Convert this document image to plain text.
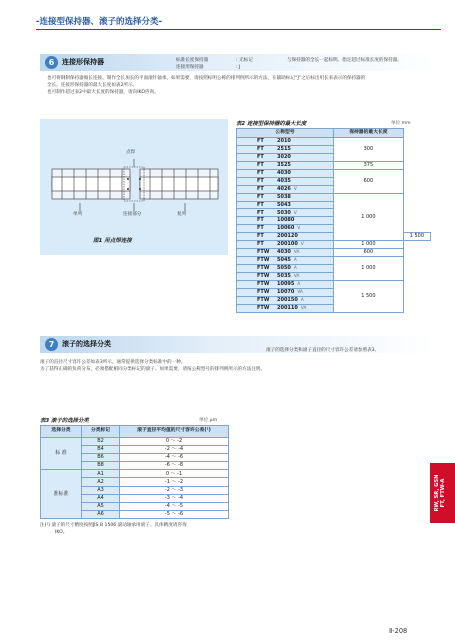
-连接型保持器、滚子的选择分类-
6	连接形保持器	标准长度保持器	: 无标记	与保持器的全长一起标明。指定超过标准长度的保持器。
连接形保持器	: J
也可将钢制保持器做长连接。制作全长加长的平面滚针轴承，如果需要，请按照标明公称的排列例所示的方法，在辅助标记“J”之后标出用长来表示的保持器的
全长。连接形保持器的最大长度如表2所示。
也可制作超过表2中最大长度的保持器，请向IKO咨询。
点焊
单列	连接部分	复列
图1 用点焊连接
表2 连接型保持器的最大长度	单位 mm
公称型号	保持器的最大长度	
FT 2010	300	
FT 2515		
FT 3020		
FT 3525	375	
FT 4030	600	
FT 4035		
FT 4026 V		
FT 5038	1 000	
FT 5043		
FT 5030 V		
FT 10080		
FT 10060 V		
FT 200120		1 500
FT 200100 V	1 000	
FTW 4030 VA	600	
FTW 5045 A	1 000	
FTW 5050 A		
FTW 5035 VA		
FTW 10095 A	1 500	
FTW 10070 VA		
FTW 200150 A		
FTW 200110 VA		
7	滚子的选择分类
滚子的选择分类和滚子直径的尺寸容许公差请参照表3。
滚子的直径尺寸容许公差如表3所示。通常提供选择分类标准中的一种。
为了获得正确的负荷分布，必须搭配相同分类标记的滚子。如果需要，请按公称型号的排列例所示的方法注明。
表3 滚子的选择分类	单位 μm
选择分类	分类标记	滚子直径平均值的尺寸容许公差(¹)
标 准	B2	0 ～ -2
	B4	-2 ～ -4
	B6	-4 ～ -6
	B8	-6 ～ -8
准标准	A1	0 ～ -1
	A2	-1 ～ -2
	A3	-2 ～ -3
	A4	-3 ～ -4
	A5	-4 ～ -5
	A6	-5 ～ -6
注(¹) 滚子的尺寸精度按照JIS B 1506 滚动轴承用滚子。具体精度请咨询
IKO。
RW, SR, GSN FT, FTW-A
Ⅱ-208
